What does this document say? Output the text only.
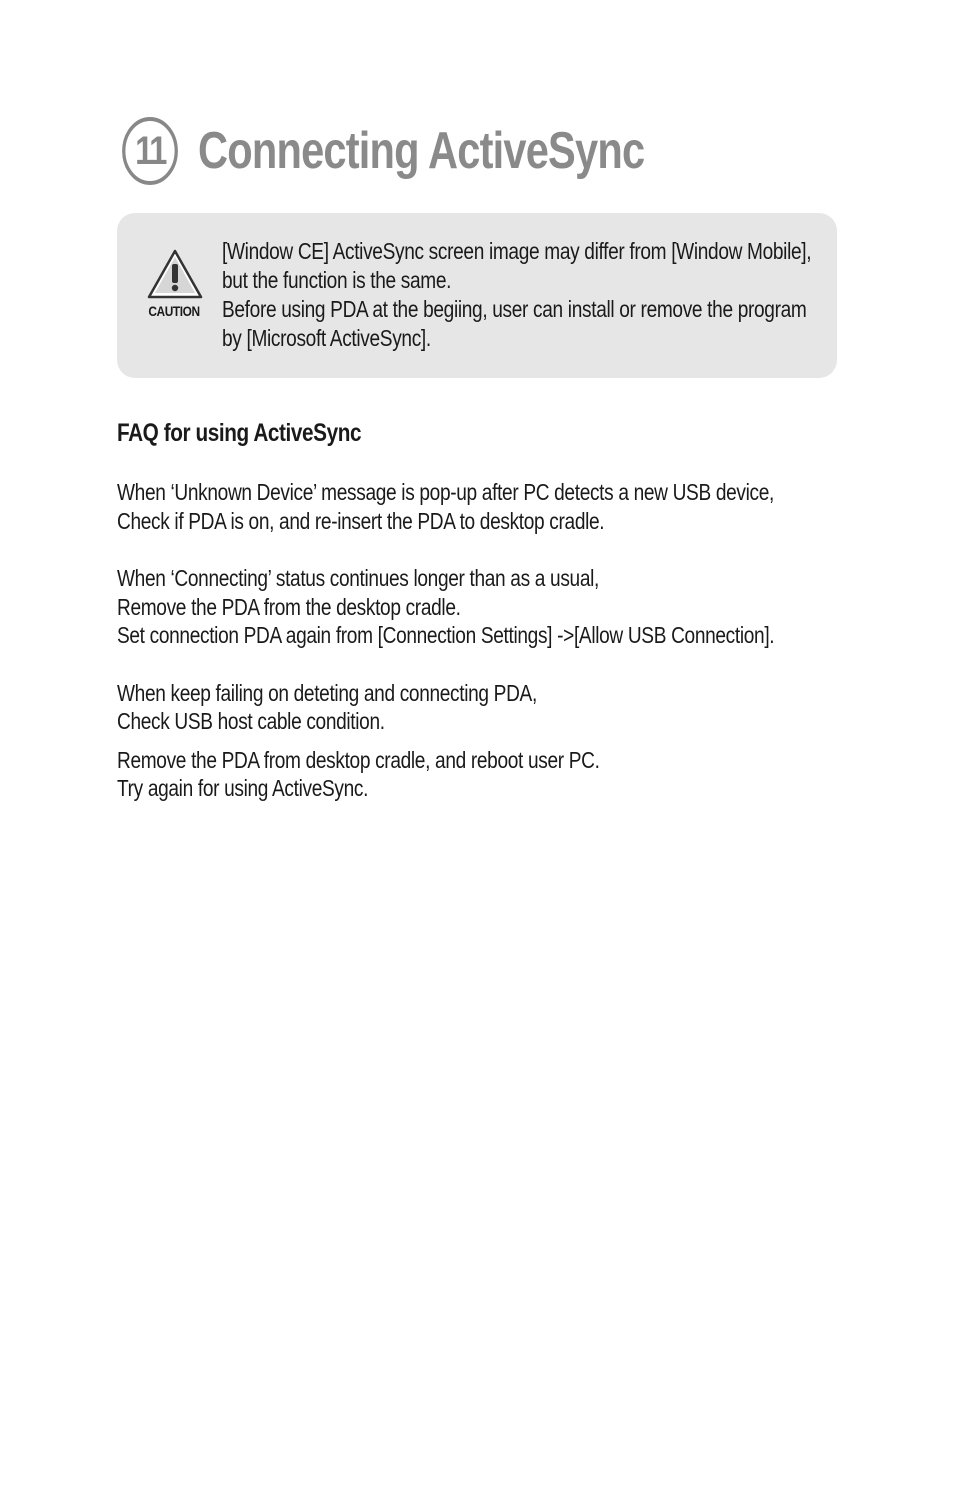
11 Connecting ActiveSync
CAUTION

[Window CE] ActiveSync screen image may differ from [Window Mobile],

but the function is the same.

Before using PDA at the begiing, user can install or remove the program

by [Microsoft ActiveSync].

FAQ for using ActiveSync

When ‘Unknown Device’ message is pop-up after PC detects a new USB device,

Check if PDA is on, and re-insert the PDA to desktop cradle.

When ‘Connecting’ status continues longer than as a usual,

Remove the PDA from the desktop cradle.

Set connection PDA again from [Connection Settings] ->[Allow USB Connection].

When keep failing on deteting and connecting PDA,

Check USB host cable condition.

Remove the PDA from desktop cradle, and reboot user PC.

Try again for using ActiveSync.
